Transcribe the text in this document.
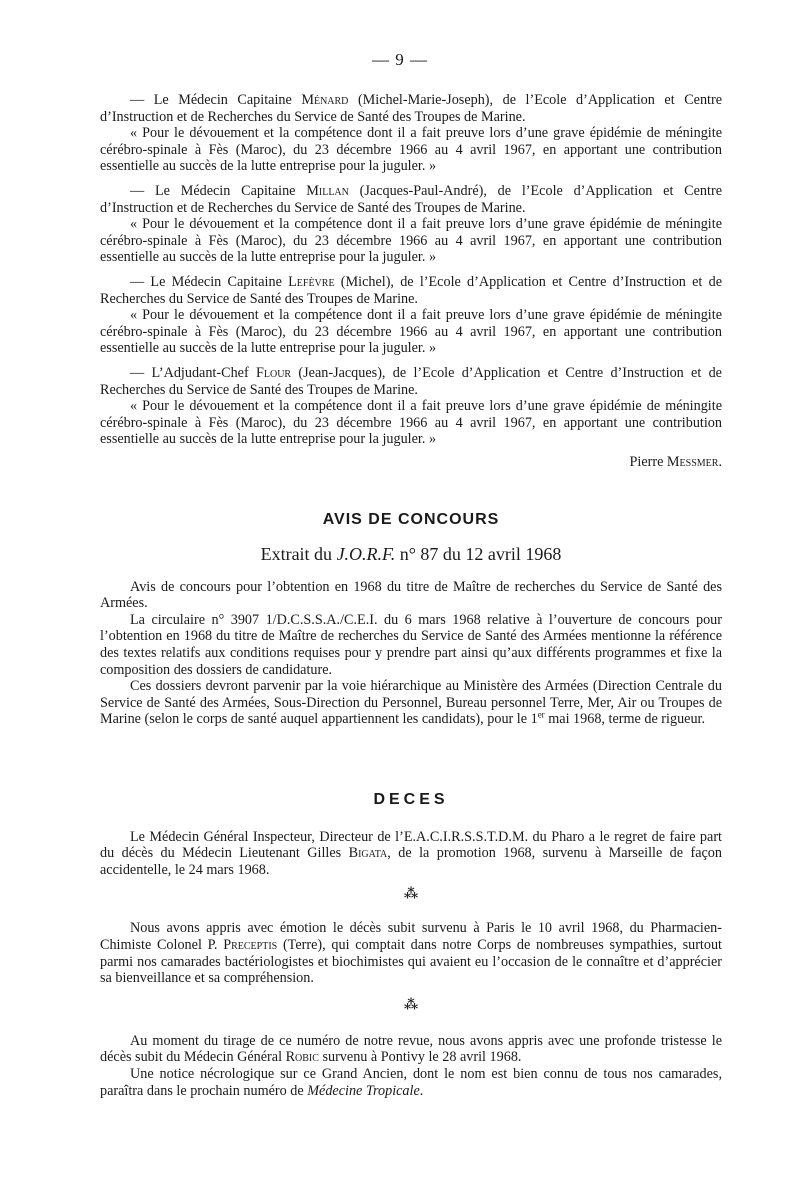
— 9 —

— Le Médecin Capitaine Ménard (Michel-Marie-Joseph), de l’Ecole d’Application et Centre d’Instruction et de Recherches du Service de Santé des Troupes de Marine.

« Pour le dévouement et la compétence dont il a fait preuve lors d’une grave épidémie de méningite cérébro-spinale à Fès (Maroc), du 23 décembre 1966 au 4 avril 1967, en apportant une contribution essentielle au succès de la lutte entreprise pour la juguler. »

— Le Médecin Capitaine Millan (Jacques-Paul-André), de l’Ecole d’Application et Centre d’Instruction et de Recherches du Service de Santé des Troupes de Marine.

« Pour le dévouement et la compétence dont il a fait preuve lors d’une grave épidémie de méningite cérébro-spinale à Fès (Maroc), du 23 décembre 1966 au 4 avril 1967, en apportant une contribution essentielle au succès de la lutte entreprise pour la juguler. »

— Le Médecin Capitaine Lefèvre (Michel), de l’Ecole d’Application et Centre d’Instruction et de Recherches du Service de Santé des Troupes de Marine.

« Pour le dévouement et la compétence dont il a fait preuve lors d’une grave épidémie de méningite cérébro-spinale à Fès (Maroc), du 23 décembre 1966 au 4 avril 1967, en apportant une contribution essentielle au succès de la lutte entreprise pour la juguler. »

— L’Adjudant-Chef Flour (Jean-Jacques), de l’Ecole d’Application et Centre d’Instruction et de Recherches du Service de Santé des Troupes de Marine.

« Pour le dévouement et la compétence dont il a fait preuve lors d’une grave épidémie de méningite cérébro-spinale à Fès (Maroc), du 23 décembre 1966 au 4 avril 1967, en apportant une contribution essentielle au succès de la lutte entreprise pour la juguler. »

Pierre Messmer.

AVIS DE CONCOURS
Extrait du J.O.R.F. n° 87 du 12 avril 1968

Avis de concours pour l’obtention en 1968 du titre de Maître de recherches du Service de Santé des Armées.

La circulaire n° 3907 1/D.C.S.S.A./C.E.I. du 6 mars 1968 relative à l’ouverture de concours pour l’obtention en 1968 du titre de Maître de recherches du Service de Santé des Armées mentionne la référence des textes relatifs aux conditions requises pour y prendre part ainsi qu’aux différents programmes et fixe la composition des dossiers de candidature.

Ces dossiers devront parvenir par la voie hiérarchique au Ministère des Armées (Direction Centrale du Service de Santé des Armées, Sous-Direction du Personnel, Bureau personnel Terre, Mer, Air ou Troupes de Marine (selon le corps de santé auquel appartiennent les candidats), pour le 1er mai 1968, terme de rigueur.

DECES

Le Médecin Général Inspecteur, Directeur de l’E.A.C.I.R.S.S.T.D.M. du Pharo a le regret de faire part du décès du Médecin Lieutenant Gilles Bigata, de la promotion 1968, survenu à Marseille de façon accidentelle, le 24 mars 1968.

⁂

Nous avons appris avec émotion le décès subit survenu à Paris le 10 avril 1968, du Pharmacien-Chimiste Colonel P. Preceptis (Terre), qui comptait dans notre Corps de nombreuses sympathies, surtout parmi nos camarades bactériologistes et biochimistes qui avaient eu l’occasion de le connaître et d’apprécier sa bienveillance et sa compréhension.

⁂

Au moment du tirage de ce numéro de notre revue, nous avons appris avec une profonde tristesse le décès subit du Médecin Général Robic survenu à Pontivy le 28 avril 1968.

Une notice nécrologique sur ce Grand Ancien, dont le nom est bien connu de tous nos camarades, paraîtra dans le prochain numéro de Médecine Tropicale.
